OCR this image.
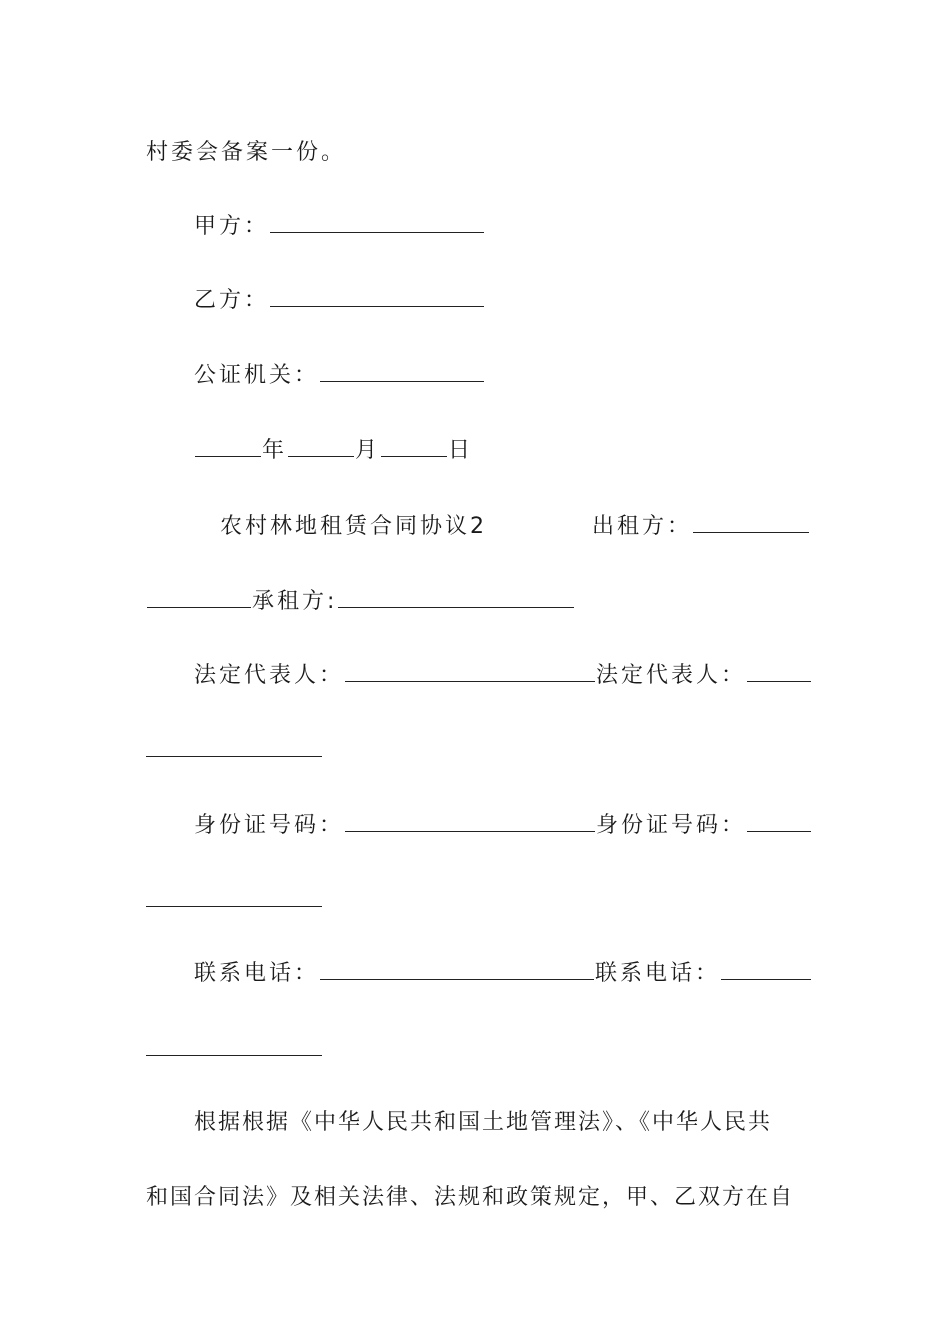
村委会备案一份。
甲方：
乙方：
公证机关：
年	月	日
农村林地租赁合同协议2	出租方：
承租方:
法定代表人：	法定代表人：
身份证号码：	身份证号码：
联系电话：	联系电话：
根据根据《中华人民共和国土地管理法》、《中华人民共
和国合同法》及相关法律、法规和政策规定，甲、乙双方在自
